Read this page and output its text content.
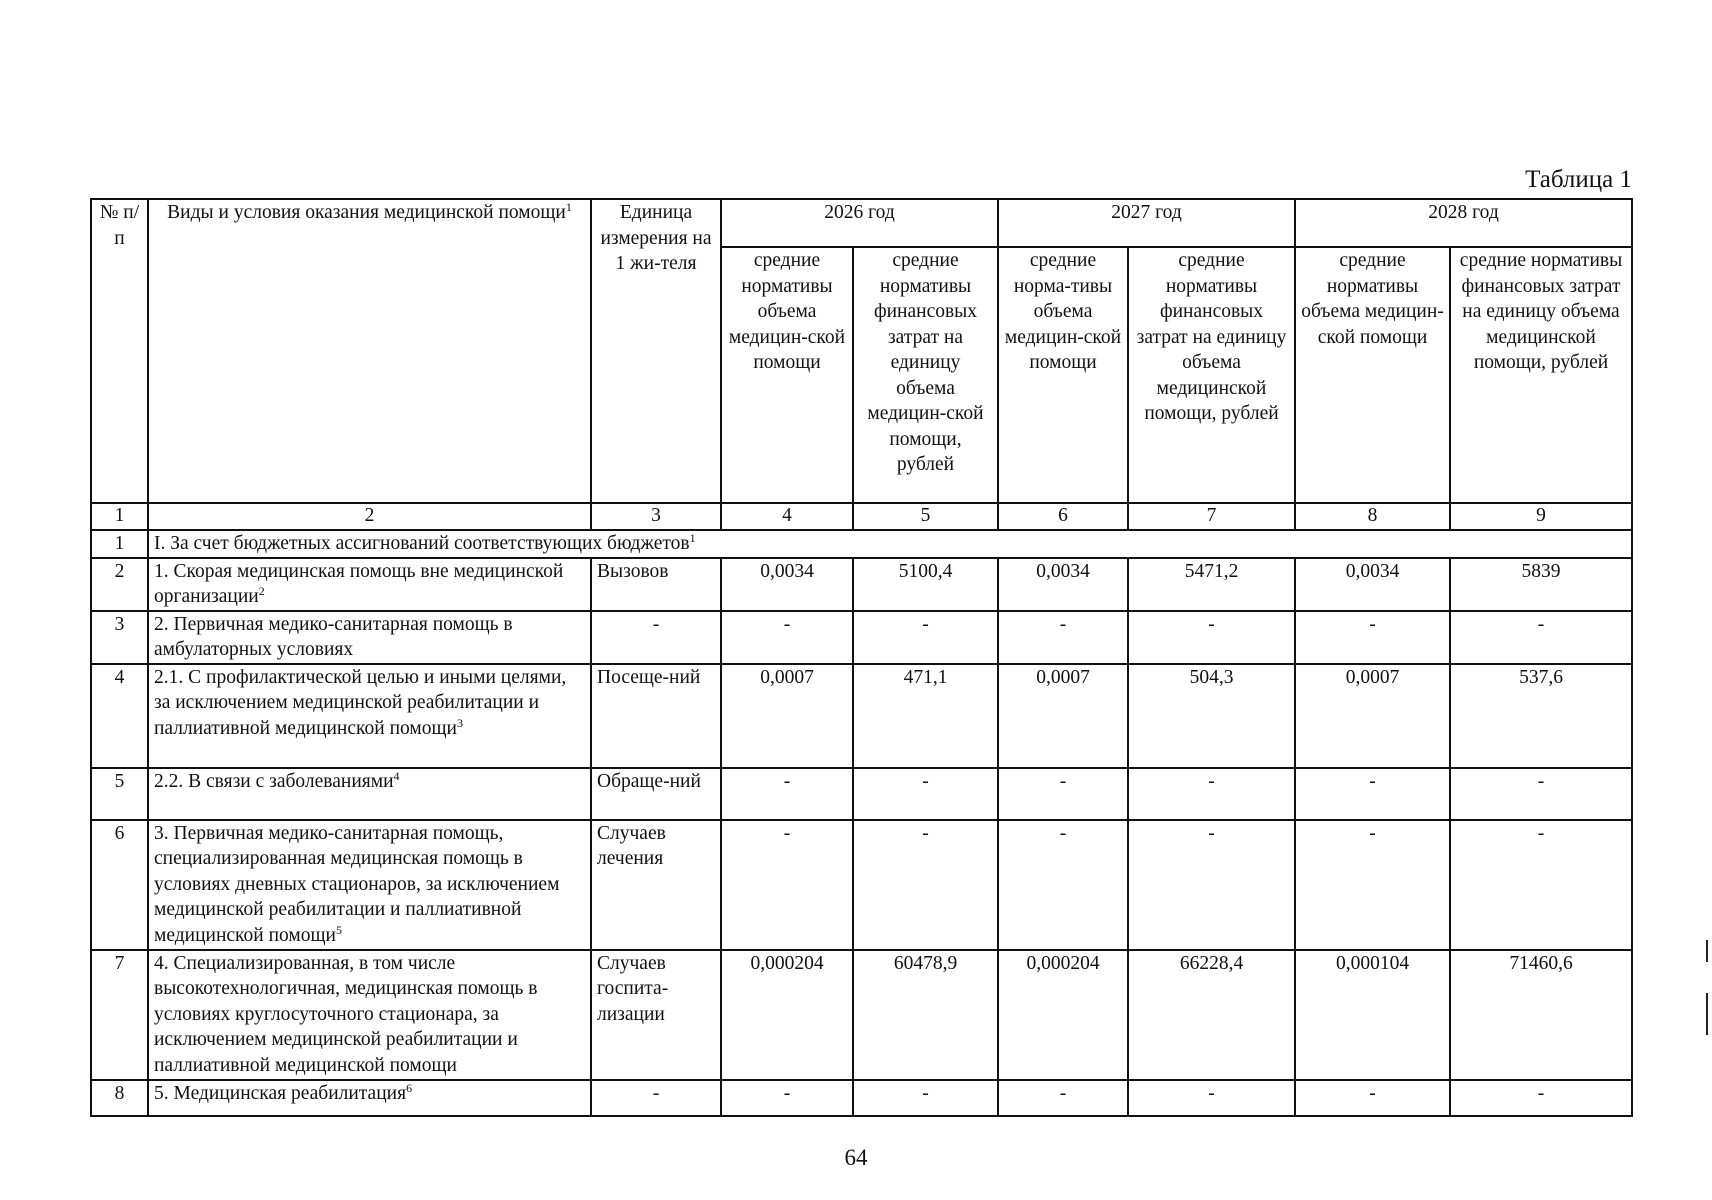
Таблица 1
№ п/п	Виды и условия оказания медицинской помощи$^1$	Единица измерения на 1 жи-теля	2026 год		2027 год		2028 год	
			средние нормативы объема медицин-ской помощи	средние нормативы финансовых затрат на единицу объема медицин-ской помощи, рублей	средние норма-тивы объема медицин-ской помощи	средние нормативы финансовых затрат на единицу объема медицинской помощи, рублей	средние нормативы объема медицин-ской помощи	средние нормативы финансовых затрат на единицу объема медицинской помощи, рублей
1	2	3	4	5	6	7	8	9
1	I. За счет бюджетных ассигнований соответствующих бюджетов$^1$
2	1. Скорая медицинская помощь вне медицинской организации$^2$	Вызовов	0,0034	5100,4	0,0034	5471,2	0,0034	5839
3	2. Первичная медико-санитарная помощь в амбулаторных условиях	-	-	-	-	-	-	-
4	2.1. С профилактической целью и иными целями, за исключением медицинской реабилитации и паллиативной медицинской помощи$^3$	Посеще-ний	0,0007	471,1	0,0007	504,3	0,0007	537,6
5	2.2. В связи с заболеваниями$^4$	Обраще-ний	-	-	-	-	-	-
6	3. Первичная медико-санитарная помощь, специализированная медицинская помощь в условиях дневных стационаров, за исключением медицинской реабилитации и паллиативной медицинской помощи$^5$	Случаев лечения	-	-	-	-	-	-
7	4. Специализированная, в том числе высокотехнологичная, медицинская помощь в условиях круглосуточного стационара, за исключением медицинской реабилитации и паллиативной медицинской помощи	Случаев госпита-лизации	0,000204	60478,9	0,000204	66228,4	0,000104	71460,6
8	5. Медицинская реабилитация$^6$	-	-	-	-	-	-	-
64
